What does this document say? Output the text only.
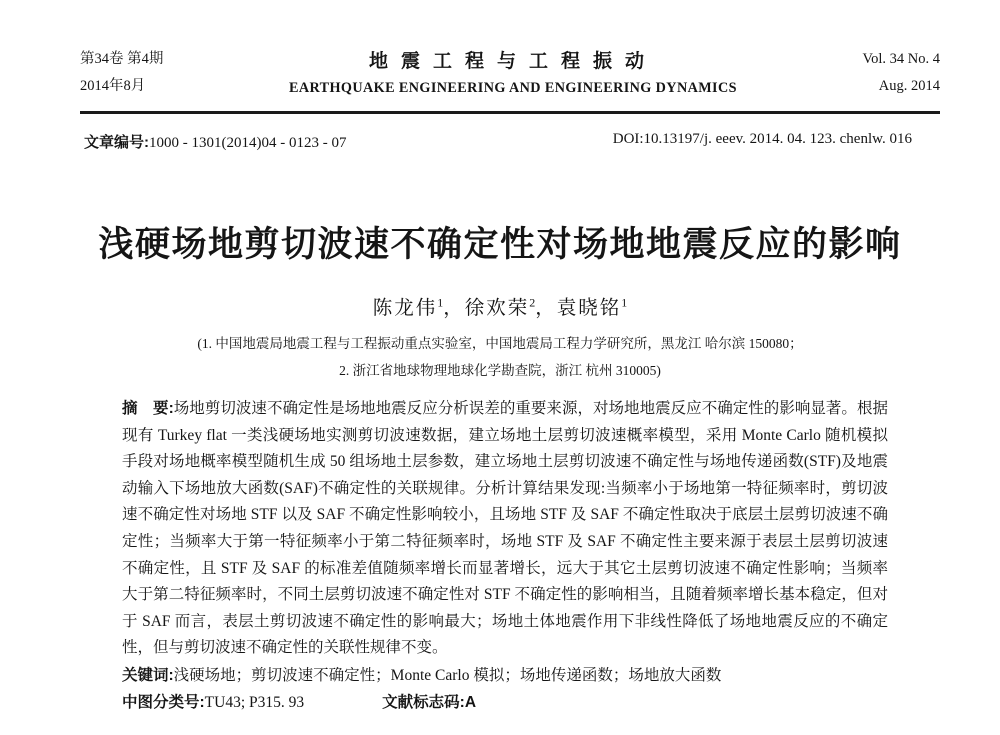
第34卷 第4期
2014年8月
地震工程与工程振动
EARTHQUAKE ENGINEERING AND ENGINEERING DYNAMICS
Vol. 34 No. 4
Aug. 2014
文章编号:1000 - 1301(2014)04 - 0123 - 07	DOI:10.13197/j. eeev. 2014. 04. 123. chenlw. 016
浅硬场地剪切波速不确定性对场地地震反应的影响
陈龙伟$^1$，徐欢荣$^2$，袁晓铭$^1$
(1. 中国地震局地震工程与工程振动重点实验室，中国地震局工程力学研究所，黑龙江 哈尔滨 150080；
2. 浙江省地球物理地球化学勘查院，浙江 杭州 310005)

摘　要:场地剪切波速不确定性是场地地震反应分析误差的重要来源，对场地地震反应不确定性的影响显著。根据现有 Turkey flat 一类浅硬场地实测剪切波速数据，建立场地土层剪切波速概率模型，采用 Monte Carlo 随机模拟手段对场地概率模型随机生成 50 组场地土层参数，建立场地土层剪切波速不确定性与场地传递函数(STF)及地震动输入下场地放大函数(SAF)不确定性的关联规律。分析计算结果发现:当频率小于场地第一特征频率时，剪切波速不确定性对场地 STF 以及 SAF 不确定性影响较小，且场地 STF 及 SAF 不确定性取决于底层土层剪切波速不确定性；当频率大于第一特征频率小于第二特征频率时，场地 STF 及 SAF 不确定性主要来源于表层土层剪切波速不确定性，且 STF 及 SAF 的标准差值随频率增长而显著增长，远大于其它土层剪切波速不确定性影响；当频率大于第二特征频率时，不同土层剪切波速不确定性对 STF 不确定性的影响相当，且随着频率增长基本稳定，但对于 SAF 而言，表层土剪切波速不确定性的影响最大；场地土体地震作用下非线性降低了场地地震反应的不确定性，但与剪切波速不确定性的关联性规律不变。

关键词:浅硬场地；剪切波速不确定性；Monte Carlo 模拟；场地传递函数；场地放大函数

中图分类号:TU43; P315. 93	文献标志码:A
